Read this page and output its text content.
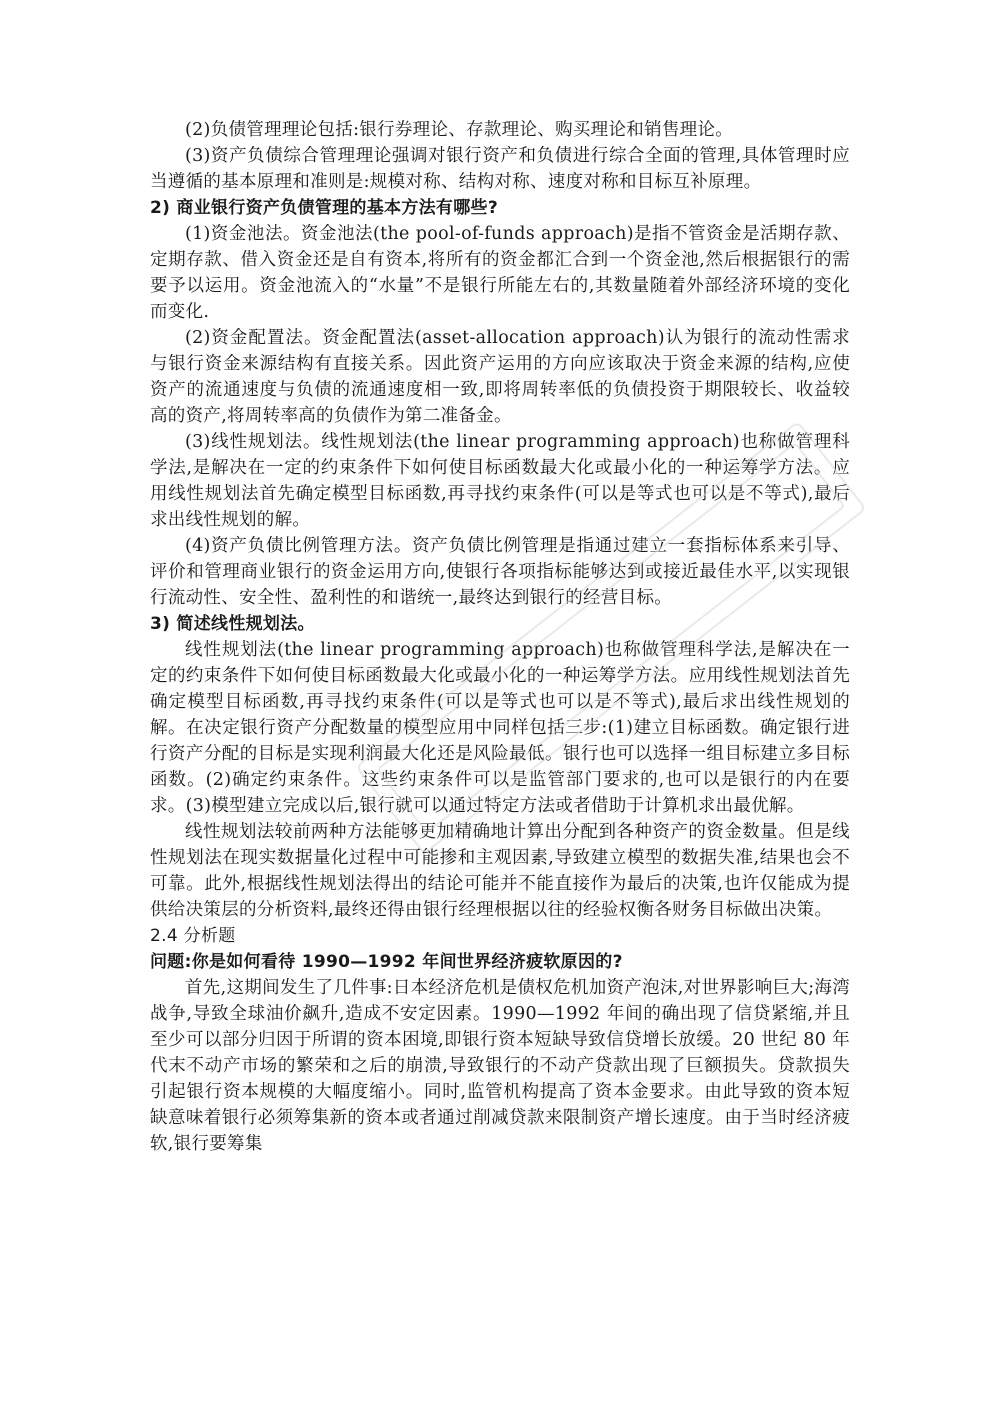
(2)负债管理理论包括:银行券理论、存款理论、购买理论和销售理论。

(3)资产负债综合管理理论强调对银行资产和负债进行综合全面的管理,具体管理时应当遵循的基本原理和准则是:规模对称、结构对称、速度对称和目标互补原理。

2) 商业银行资产负债管理的基本方法有哪些?

(1)资金池法。资金池法(the pool-of-funds approach)是指不管资金是活期存款、定期存款、借入资金还是自有资本,将所有的资金都汇合到一个资金池,然后根据银行的需要予以运用。资金池流入的“水量”不是银行所能左右的,其数量随着外部经济环境的变化而变化.

(2)资金配置法。资金配置法(asset-allocation approach)认为银行的流动性需求与银行资金来源结构有直接关系。因此资产运用的方向应该取决于资金来源的结构,应使资产的流通速度与负债的流通速度相一致,即将周转率低的负债投资于期限较长、收益较高的资产,将周转率高的负债作为第二准备金。

(3)线性规划法。线性规划法(the linear programming approach)也称做管理科学法,是解决在一定的约束条件下如何使目标函数最大化或最小化的一种运筹学方法。应用线性规划法首先确定模型目标函数,再寻找约束条件(可以是等式也可以是不等式),最后求出线性规划的解。

(4)资产负债比例管理方法。资产负债比例管理是指通过建立一套指标体系来引导、评价和管理商业银行的资金运用方向,使银行各项指标能够达到或接近最佳水平,以实现银行流动性、安全性、盈利性的和谐统一,最终达到银行的经营目标。

3) 简述线性规划法。

线性规划法(the linear programming approach)也称做管理科学法,是解决在一定的约束条件下如何使目标函数最大化或最小化的一种运筹学方法。应用线性规划法首先确定模型目标函数,再寻找约束条件(可以是等式也可以是不等式),最后求出线性规划的解。在决定银行资产分配数量的模型应用中同样包括三步:(1)建立目标函数。确定银行进行资产分配的目标是实现利润最大化还是风险最低。银行也可以选择一组目标建立多目标函数。(2)确定约束条件。这些约束条件可以是监管部门要求的,也可以是银行的内在要求。(3)模型建立完成以后,银行就可以通过特定方法或者借助于计算机求出最优解。

线性规划法较前两种方法能够更加精确地计算出分配到各种资产的资金数量。但是线性规划法在现实数据量化过程中可能掺和主观因素,导致建立模型的数据失准,结果也会不可靠。此外,根据线性规划法得出的结论可能并不能直接作为最后的决策,也许仅能成为提供给决策层的分析资料,最终还得由银行经理根据以往的经验权衡各财务目标做出决策。

2.4 分析题

问题:你是如何看待 1990—1992 年间世界经济疲软原因的?

首先,这期间发生了几件事:日本经济危机是债权危机加资产泡沫,对世界影响巨大;海湾战争,导致全球油价飙升,造成不安定因素。1990—1992 年间的确出现了信贷紧缩,并且至少可以部分归因于所谓的资本困境,即银行资本短缺导致信贷增长放缓。20 世纪 80 年代末不动产市场的繁荣和之后的崩溃,导致银行的不动产贷款出现了巨额损失。贷款损失引起银行资本规模的大幅度缩小。同时,监管机构提高了资本金要求。由此导致的资本短缺意味着银行必须筹集新的资本或者通过削减贷款来限制资产增长速度。由于当时经济疲软,银行要筹集
